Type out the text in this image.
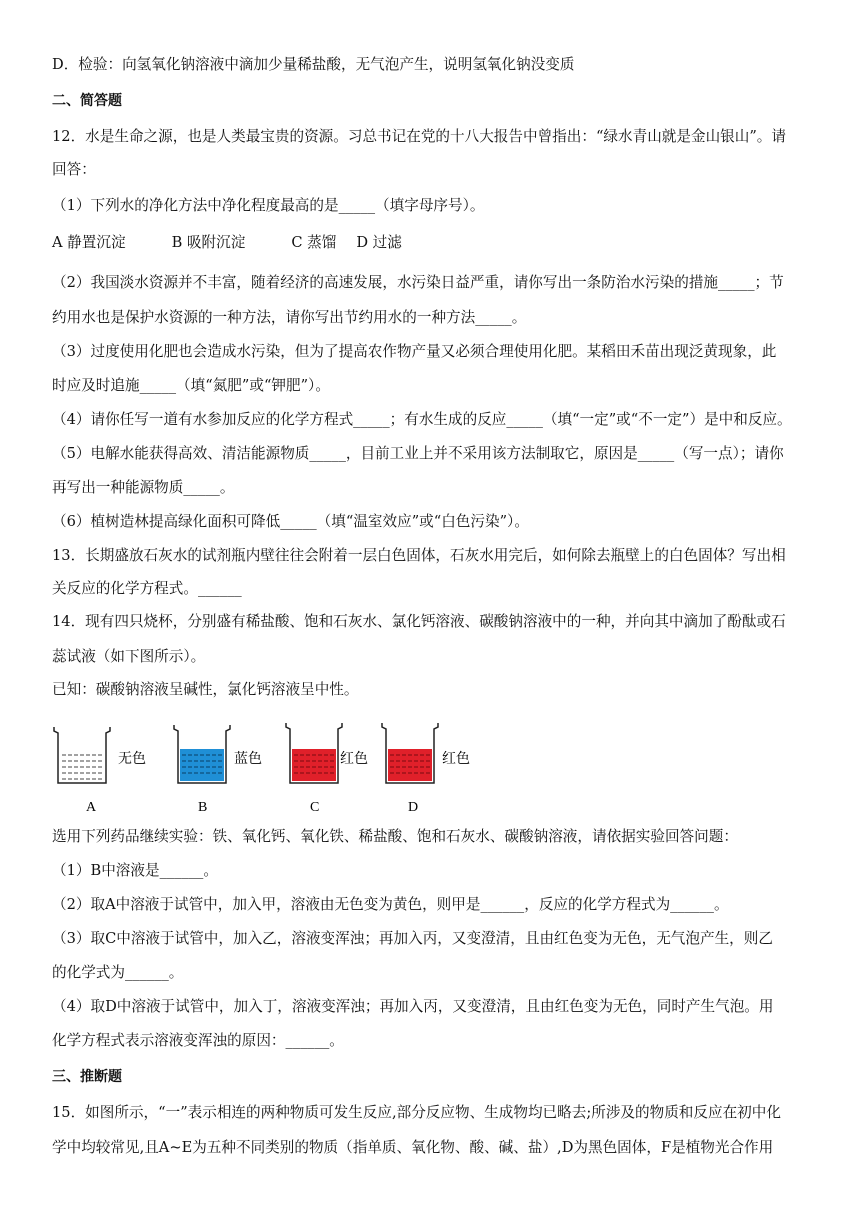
D．检验：向氢氧化钠溶液中滴加少量稀盐酸，无气泡产生，说明氢氧化钠没变质
二、简答题
12．水是生命之源，也是人类最宝贵的资源。习总书记在党的十八大报告中曾指出：“绿水青山就是金山银山”。请
回答：
（1）下列水的净化方法中净化程度最高的是_____（填字母序号）。
A 静置沉淀	B 吸附沉淀	C 蒸馏 D 过滤
（2）我国淡水资源并不丰富，随着经济的高速发展，水污染日益严重，请你写出一条防治水污染的措施_____；节
约用水也是保护水资源的一种方法，请你写出节约用水的一种方法_____。
（3）过度使用化肥也会造成水污染，但为了提高农作物产量又必须合理使用化肥。某稻田禾苗出现泛黄现象，此
时应及时追施_____（填“氮肥”或“钾肥”）。
（4）请你任写一道有水参加反应的化学方程式_____；有水生成的反应_____（填“一定”或“不一定”）是中和反应。
（5）电解水能获得高效、清洁能源物质_____，目前工业上并不采用该方法制取它，原因是_____（写一点）；请你
再写出一种能源物质_____。
（6）植树造林提高绿化面积可降低_____（填“温室效应”或“白色污染”）。
13．长期盛放石灰水的试剂瓶内壁往往会附着一层白色固体，石灰水用完后，如何除去瓶壁上的白色固体？写出相
关反应的化学方程式。______
14．现有四只烧杯，分别盛有稀盐酸、饱和石灰水、氯化钙溶液、碳酸钠溶液中的一种，并向其中滴加了酚酞或石
蕊试液（如下图所示）。
已知：碳酸钠溶液呈碱性，氯化钙溶液呈中性。
无色
A
蓝色
B
红色
C
红色
D
选用下列药品继续实验：铁、氧化钙、氧化铁、稀盐酸、饱和石灰水、碳酸钠溶液，请依据实验回答问题：
（1）B中溶液是______。
（2）取A中溶液于试管中，加入甲，溶液由无色变为黄色，则甲是______，反应的化学方程式为______。
（3）取C中溶液于试管中，加入乙，溶液变浑浊；再加入丙，又变澄清，且由红色变为无色，无气泡产生，则乙
的化学式为______。
（4）取D中溶液于试管中，加入丁，溶液变浑浊；再加入丙，又变澄清，且由红色变为无色，同时产生气泡。用
化学方程式表示溶液变浑浊的原因：______。
三、推断题
15．如图所示，“一”表示相连的两种物质可发生反应,部分反应物、生成物均已略去;所涉及的物质和反应在初中化
学中均较常见,且A~E为五种不同类别的物质（指单质、氧化物、酸、碱、盐）,D为黑色固体，F是植物光合作用
